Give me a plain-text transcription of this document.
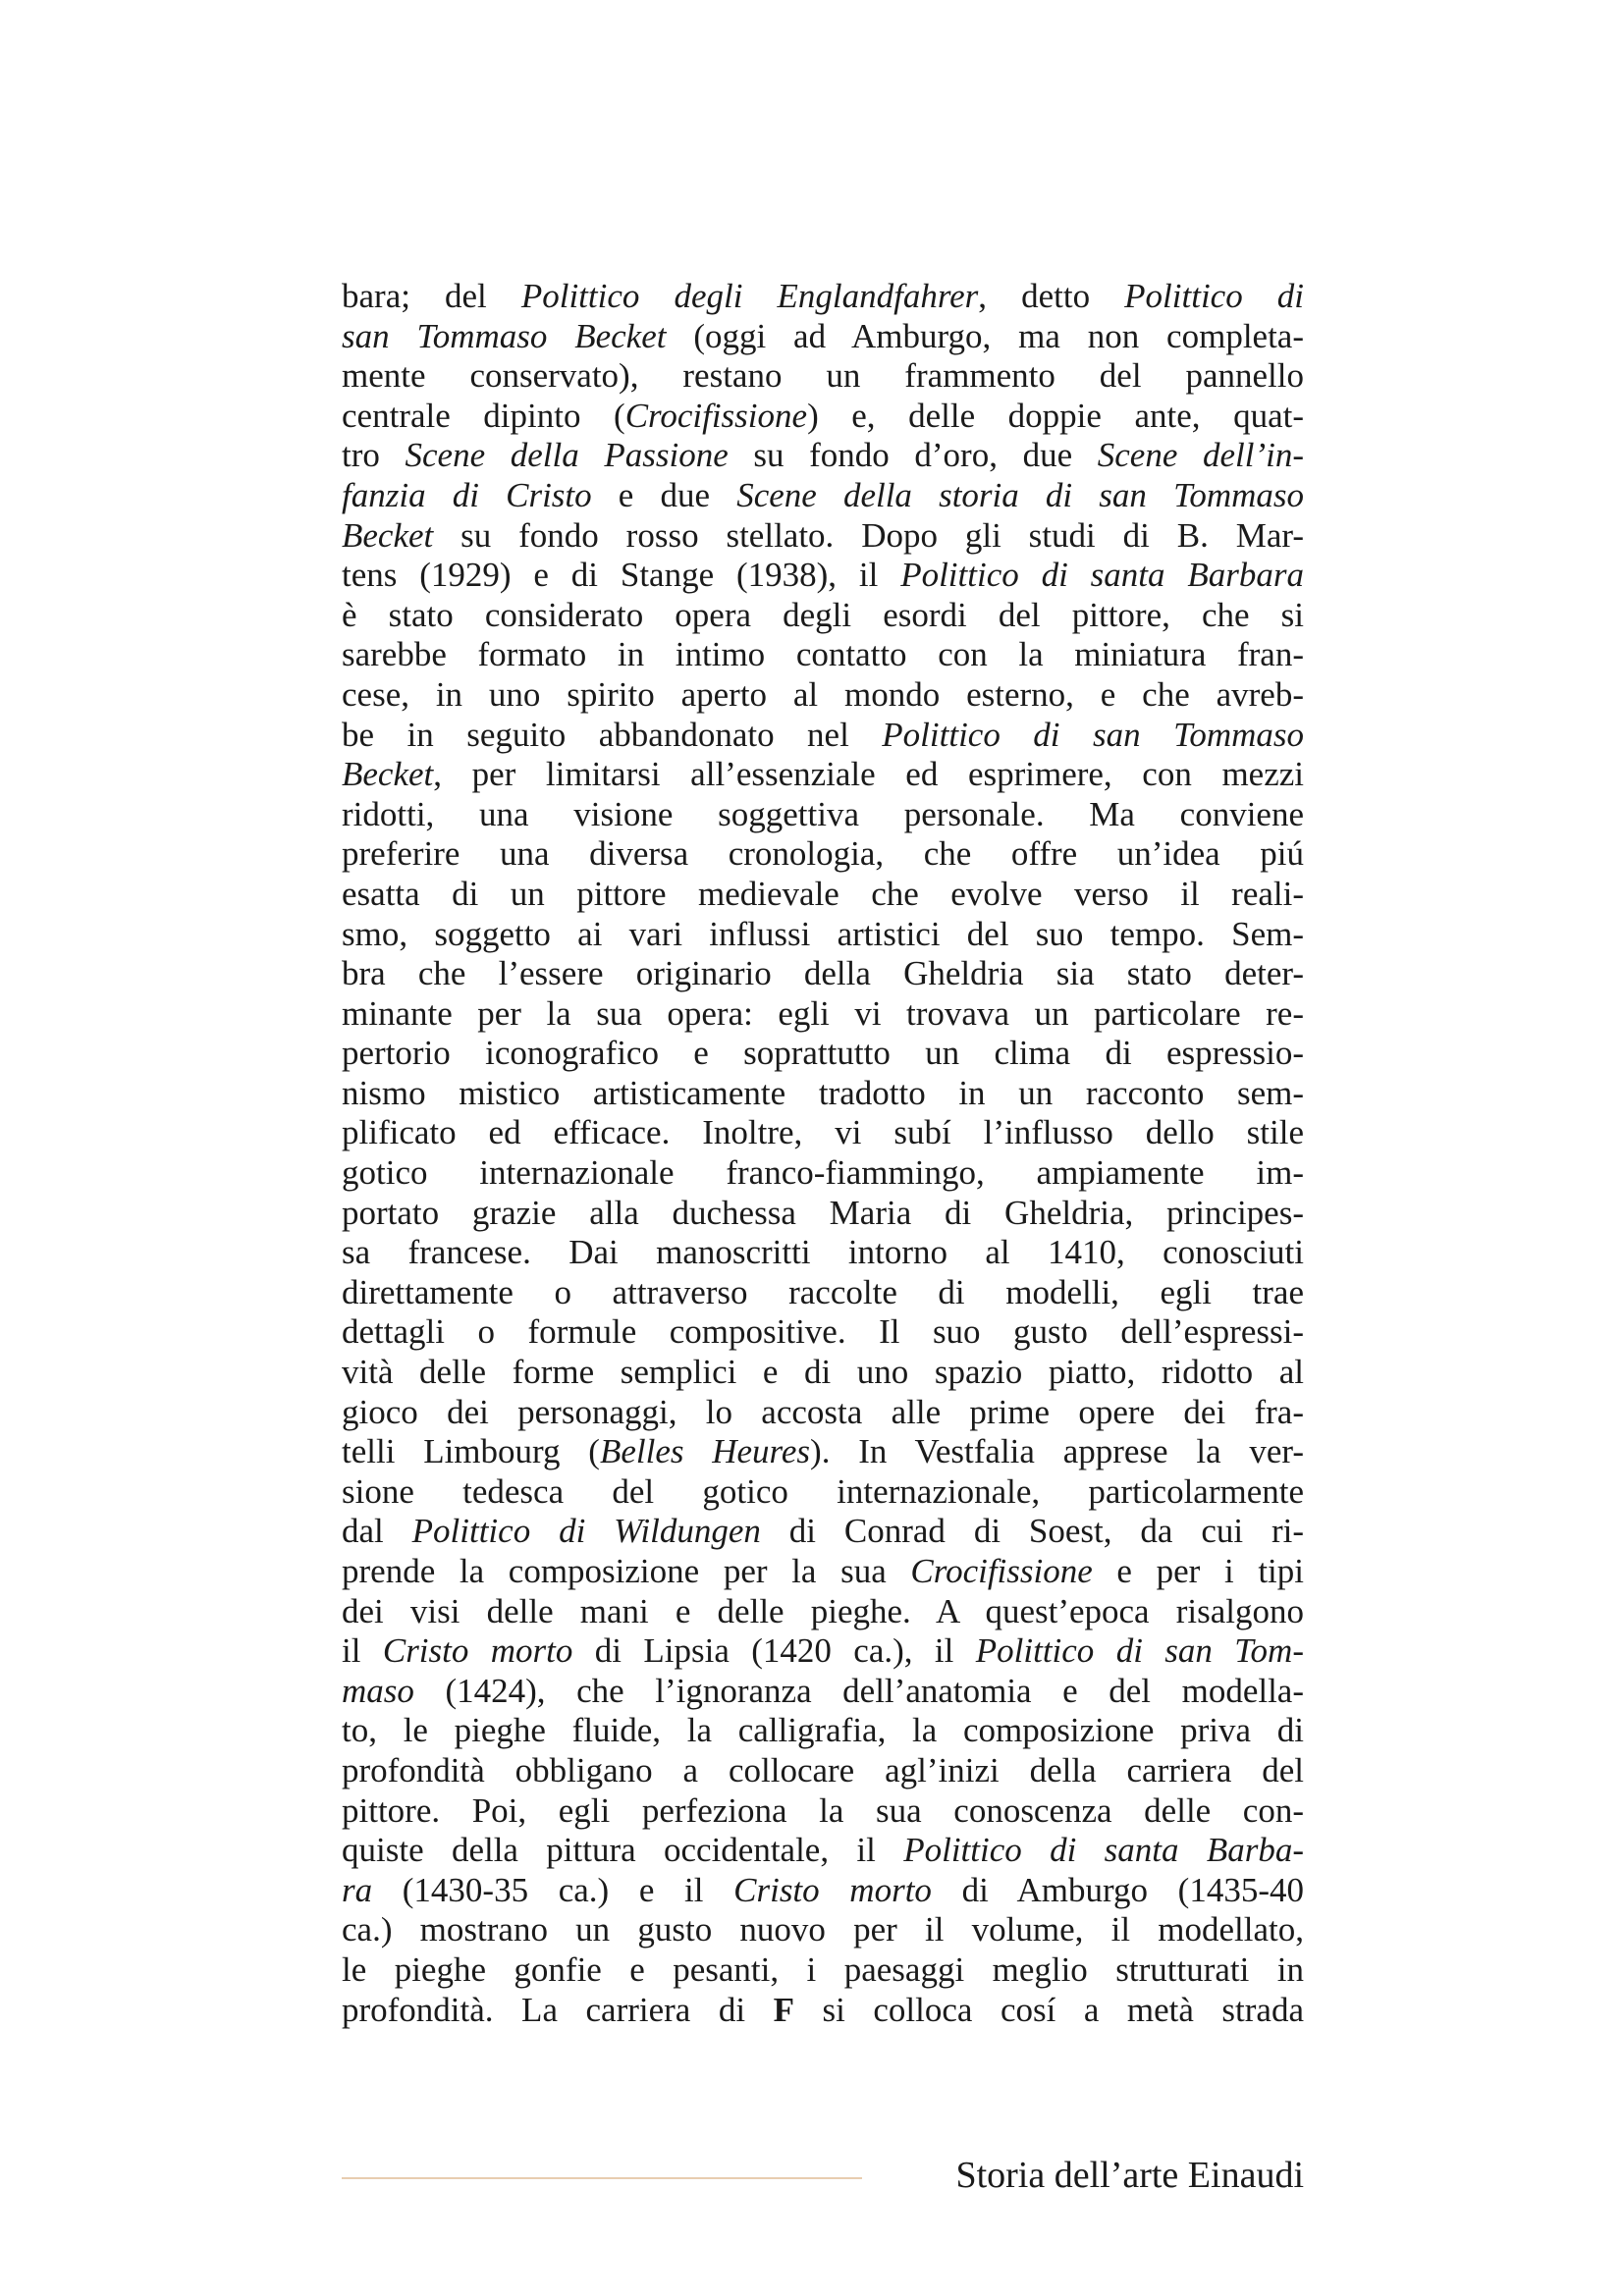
bara; del Polittico degli Englandfahrer, detto Polittico di
san Tommaso Becket (oggi ad Amburgo, ma non completa-
mente conservato), restano un frammento del pannello
centrale dipinto (Crocifissione) e, delle doppie ante, quat-
tro Scene della Passione su fondo d’oro, due Scene dell’in-
fanzia di Cristo e due Scene della storia di san Tommaso
Becket su fondo rosso stellato. Dopo gli studi di B. Mar-
tens (1929) e di Stange (1938), il Polittico di santa Barbara
è stato considerato opera degli esordi del pittore, che si
sarebbe formato in intimo contatto con la miniatura fran-
cese, in uno spirito aperto al mondo esterno, e che avreb-
be in seguito abbandonato nel Polittico di san Tommaso
Becket, per limitarsi all’essenziale ed esprimere, con mezzi
ridotti, una visione soggettiva personale. Ma conviene
preferire una diversa cronologia, che offre un’idea piú
esatta di un pittore medievale che evolve verso il reali-
smo, soggetto ai vari influssi artistici del suo tempo. Sem-
bra che l’essere originario della Gheldria sia stato deter-
minante per la sua opera: egli vi trovava un particolare re-
pertorio iconografico e soprattutto un clima di espressio-
nismo mistico artisticamente tradotto in un racconto sem-
plificato ed efficace. Inoltre, vi subí l’influsso dello stile
gotico internazionale franco-fiammingo, ampiamente im-
portato grazie alla duchessa Maria di Gheldria, principes-
sa francese. Dai manoscritti intorno al 1410, conosciuti
direttamente o attraverso raccolte di modelli, egli trae
dettagli o formule compositive. Il suo gusto dell’espressi-
vità delle forme semplici e di uno spazio piatto, ridotto al
gioco dei personaggi, lo accosta alle prime opere dei fra-
telli Limbourg (Belles Heures). In Vestfalia apprese la ver-
sione tedesca del gotico internazionale, particolarmente
dal Polittico di Wildungen di Conrad di Soest, da cui ri-
prende la composizione per la sua Crocifissione e per i tipi
dei visi delle mani e delle pieghe. A quest’epoca risalgono
il Cristo morto di Lipsia (1420 ca.), il Polittico di san Tom-
maso (1424), che l’ignoranza dell’anatomia e del modella-
to, le pieghe fluide, la calligrafia, la composizione priva di
profondità obbligano a collocare agl’inizi della carriera del
pittore. Poi, egli perfeziona la sua conoscenza delle con-
quiste della pittura occidentale, il Polittico di santa Barba-
ra (1430-35 ca.) e il Cristo morto di Amburgo (1435-40
ca.) mostrano un gusto nuovo per il volume, il modellato,
le pieghe gonfie e pesanti, i paesaggi meglio strutturati in
profondità. La carriera di F si colloca cosí a metà strada
Storia dell’arte Einaudi
